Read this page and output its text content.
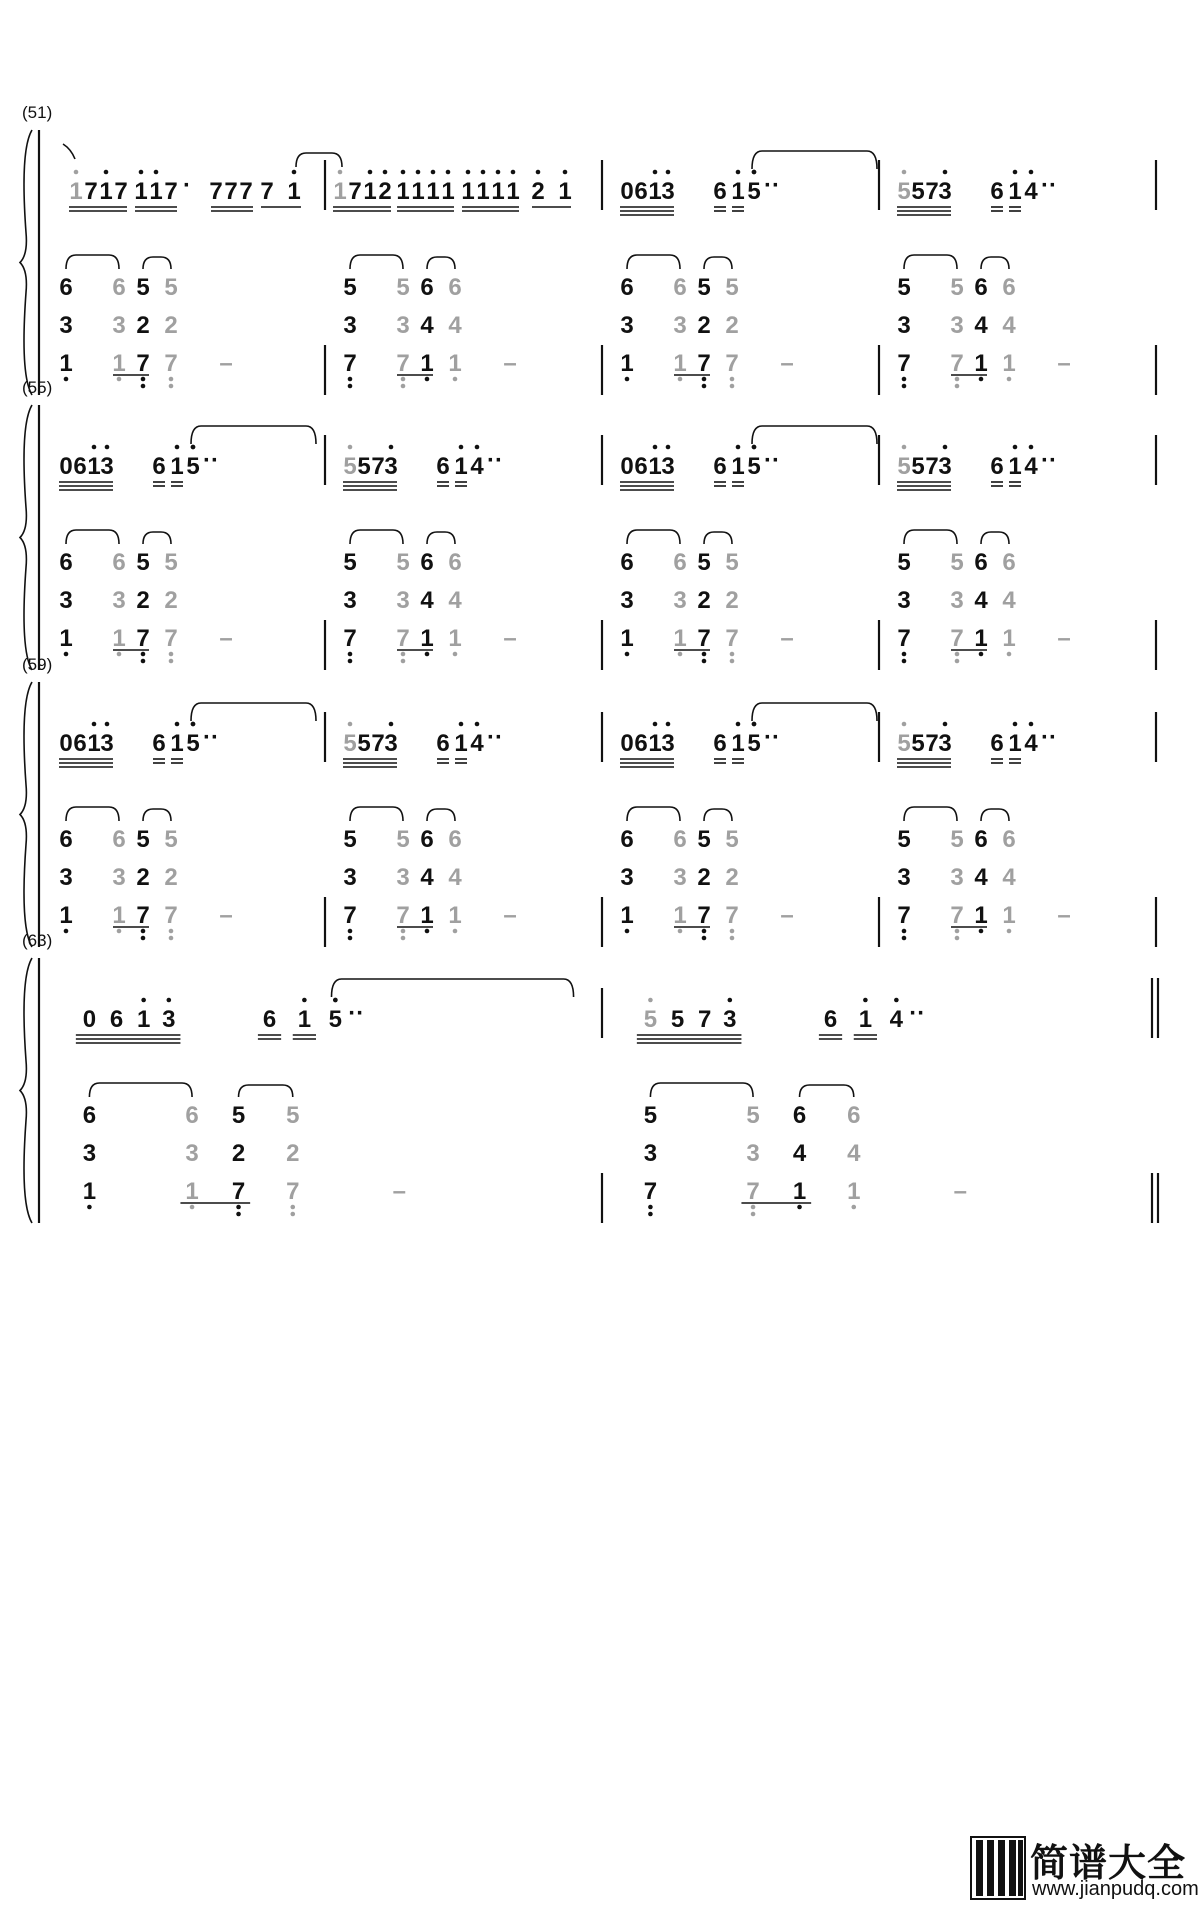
(51)
1 7 1 7 1 1 7 · 7 7 7 7 1
6
3
1
6
3
1
5
2
7
5
2
7 –
1 7 1 2 1 1 1 1 1 1 1 1 2 1
5
3
7
5
3
7
6
4
1
6
4
1 –
0 6 1 3 6 1 5 ··
6
3
1
6
3
1
5
2
7
5
2
7 –
5 5 7 3 6 1 4 ··
5
3
7
5
3
7
6
4
1
6
4
1 –
(55)
0 6 1 3 6 1 5 ··
6
3
1
6
3
1
5
2
7
5
2
7 –
5 5 7 3 6 1 4 ··
5
3
7
5
3
7
6
4
1
6
4
1 –
0 6 1 3 6 1 5 ··
6
3
1
6
3
1
5
2
7
5
2
7 –
5 5 7 3 6 1 4 ··
5
3
7
5
3
7
6
4
1
6
4
1 –
(59)
0 6 1 3 6 1 5 ··
6
3
1
6
3
1
5
2
7
5
2
7 –
5 5 7 3 6 1 4 ··
5
3
7
5
3
7
6
4
1
6
4
1 –
0 6 1 3 6 1 5 ··
6
3
1
6
3
1
5
2
7
5
2
7 –
5 5 7 3 6 1 4 ··
5
3
7
5
3
7
6
4
1
6
4
1 –
(63)
0 6 1 3	6 1 5 ··
6
3
1
6
3
1
5
2
7
5
2
7	–
5 5 7 3	6 1 4 ··
5
3
7
5
3
7
6
4
1
6
4
1	–
简谱大全
www.jianpudq.com
